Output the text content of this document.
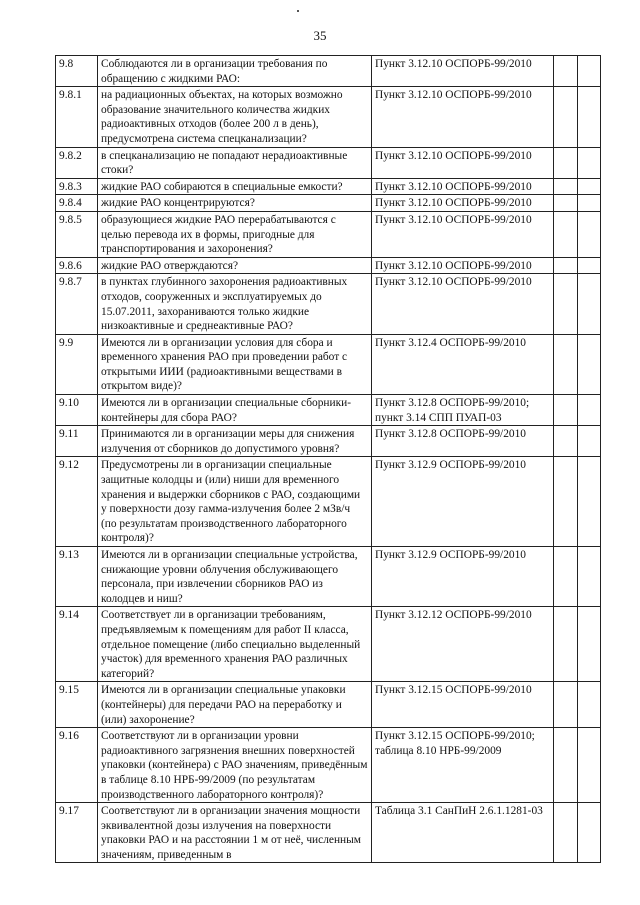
35
9.8	Соблюдаются ли в организации требования по обращению с жидкими РАО:	Пункт 3.12.10 ОСПОРБ-99/2010		
9.8.1	на радиационных объектах, на которых возможно образование значительного количества жидких радиоактивных отходов (более 200 л в день), предусмотрена система спецканализации?	Пункт 3.12.10 ОСПОРБ-99/2010		
9.8.2	в спецканализацию не попадают нерадиоактивные стоки?	Пункт 3.12.10 ОСПОРБ-99/2010		
9.8.3	жидкие РАО собираются в специальные емкости?	Пункт 3.12.10 ОСПОРБ-99/2010		
9.8.4	жидкие РАО концентрируются?	Пункт 3.12.10 ОСПОРБ-99/2010		
9.8.5	образующиеся жидкие РАО перерабатываются с целью перевода их в формы, пригодные для транспортирования и захоронения?	Пункт 3.12.10 ОСПОРБ-99/2010		
9.8.6	жидкие РАО отверждаются?	Пункт 3.12.10 ОСПОРБ-99/2010		
9.8.7	в пунктах глубинного захоронения радиоактивных отходов, сооруженных и эксплуатируемых до 15.07.2011, захораниваются только жидкие низкоактивные и среднеактивные РАО?	Пункт 3.12.10 ОСПОРБ-99/2010		
9.9	Имеются ли в организации условия для сбора и временного хранения РАО при проведении работ с открытыми ИИИ (радиоактивными веществами в открытом виде)?	Пункт 3.12.4 ОСПОРБ-99/2010		
9.10	Имеются ли в организации специальные сборники-контейнеры для сбора РАО?	Пункт 3.12.8 ОСПОРБ-99/2010; пункт 3.14 СПП ПУАП-03		
9.11	Принимаются ли в организации меры для снижения излучения от сборников до допустимого уровня?	Пункт 3.12.8 ОСПОРБ-99/2010		
9.12	Предусмотрены ли в организации специальные защитные колодцы и (или) ниши для временного хранения и выдержки сборников с РАО, создающими у поверхности дозу гамма-излучения более 2 мЗв/ч (по результатам производственного лабораторного контроля)?	Пункт 3.12.9 ОСПОРБ-99/2010		
9.13	Имеются ли в организации специальные устройства, снижающие уровни облучения обслуживающего персонала, при извлечении сборников РАО из колодцев и ниш?	Пункт 3.12.9 ОСПОРБ-99/2010		
9.14	Соответствует ли в организации требованиям, предъявляемым к помещениям для работ II класса, отдельное помещение (либо специально выделенный участок) для временного хранения РАО различных категорий?	Пункт 3.12.12 ОСПОРБ-99/2010		
9.15	Имеются ли в организации специальные упаковки (контейнеры) для передачи РАО на переработку и (или) захоронение?	Пункт 3.12.15 ОСПОРБ-99/2010		
9.16	Соответствуют ли в организации уровни радиоактивного загрязнения внешних поверхностей упаковки (контейнера) с РАО значениям, приведённым в таблице 8.10 НРБ-99/2009 (по результатам производственного лабораторного контроля)?	Пункт 3.12.15 ОСПОРБ-99/2010; таблица 8.10 НРБ-99/2009		
9.17	Соответствуют ли в организации значения мощности эквивалентной дозы излучения на поверхности упаковки РАО и на расстоянии 1 м от неё, численным значениям, приведенным в	Таблица 3.1 СанПиН 2.6.1.1281-03		
